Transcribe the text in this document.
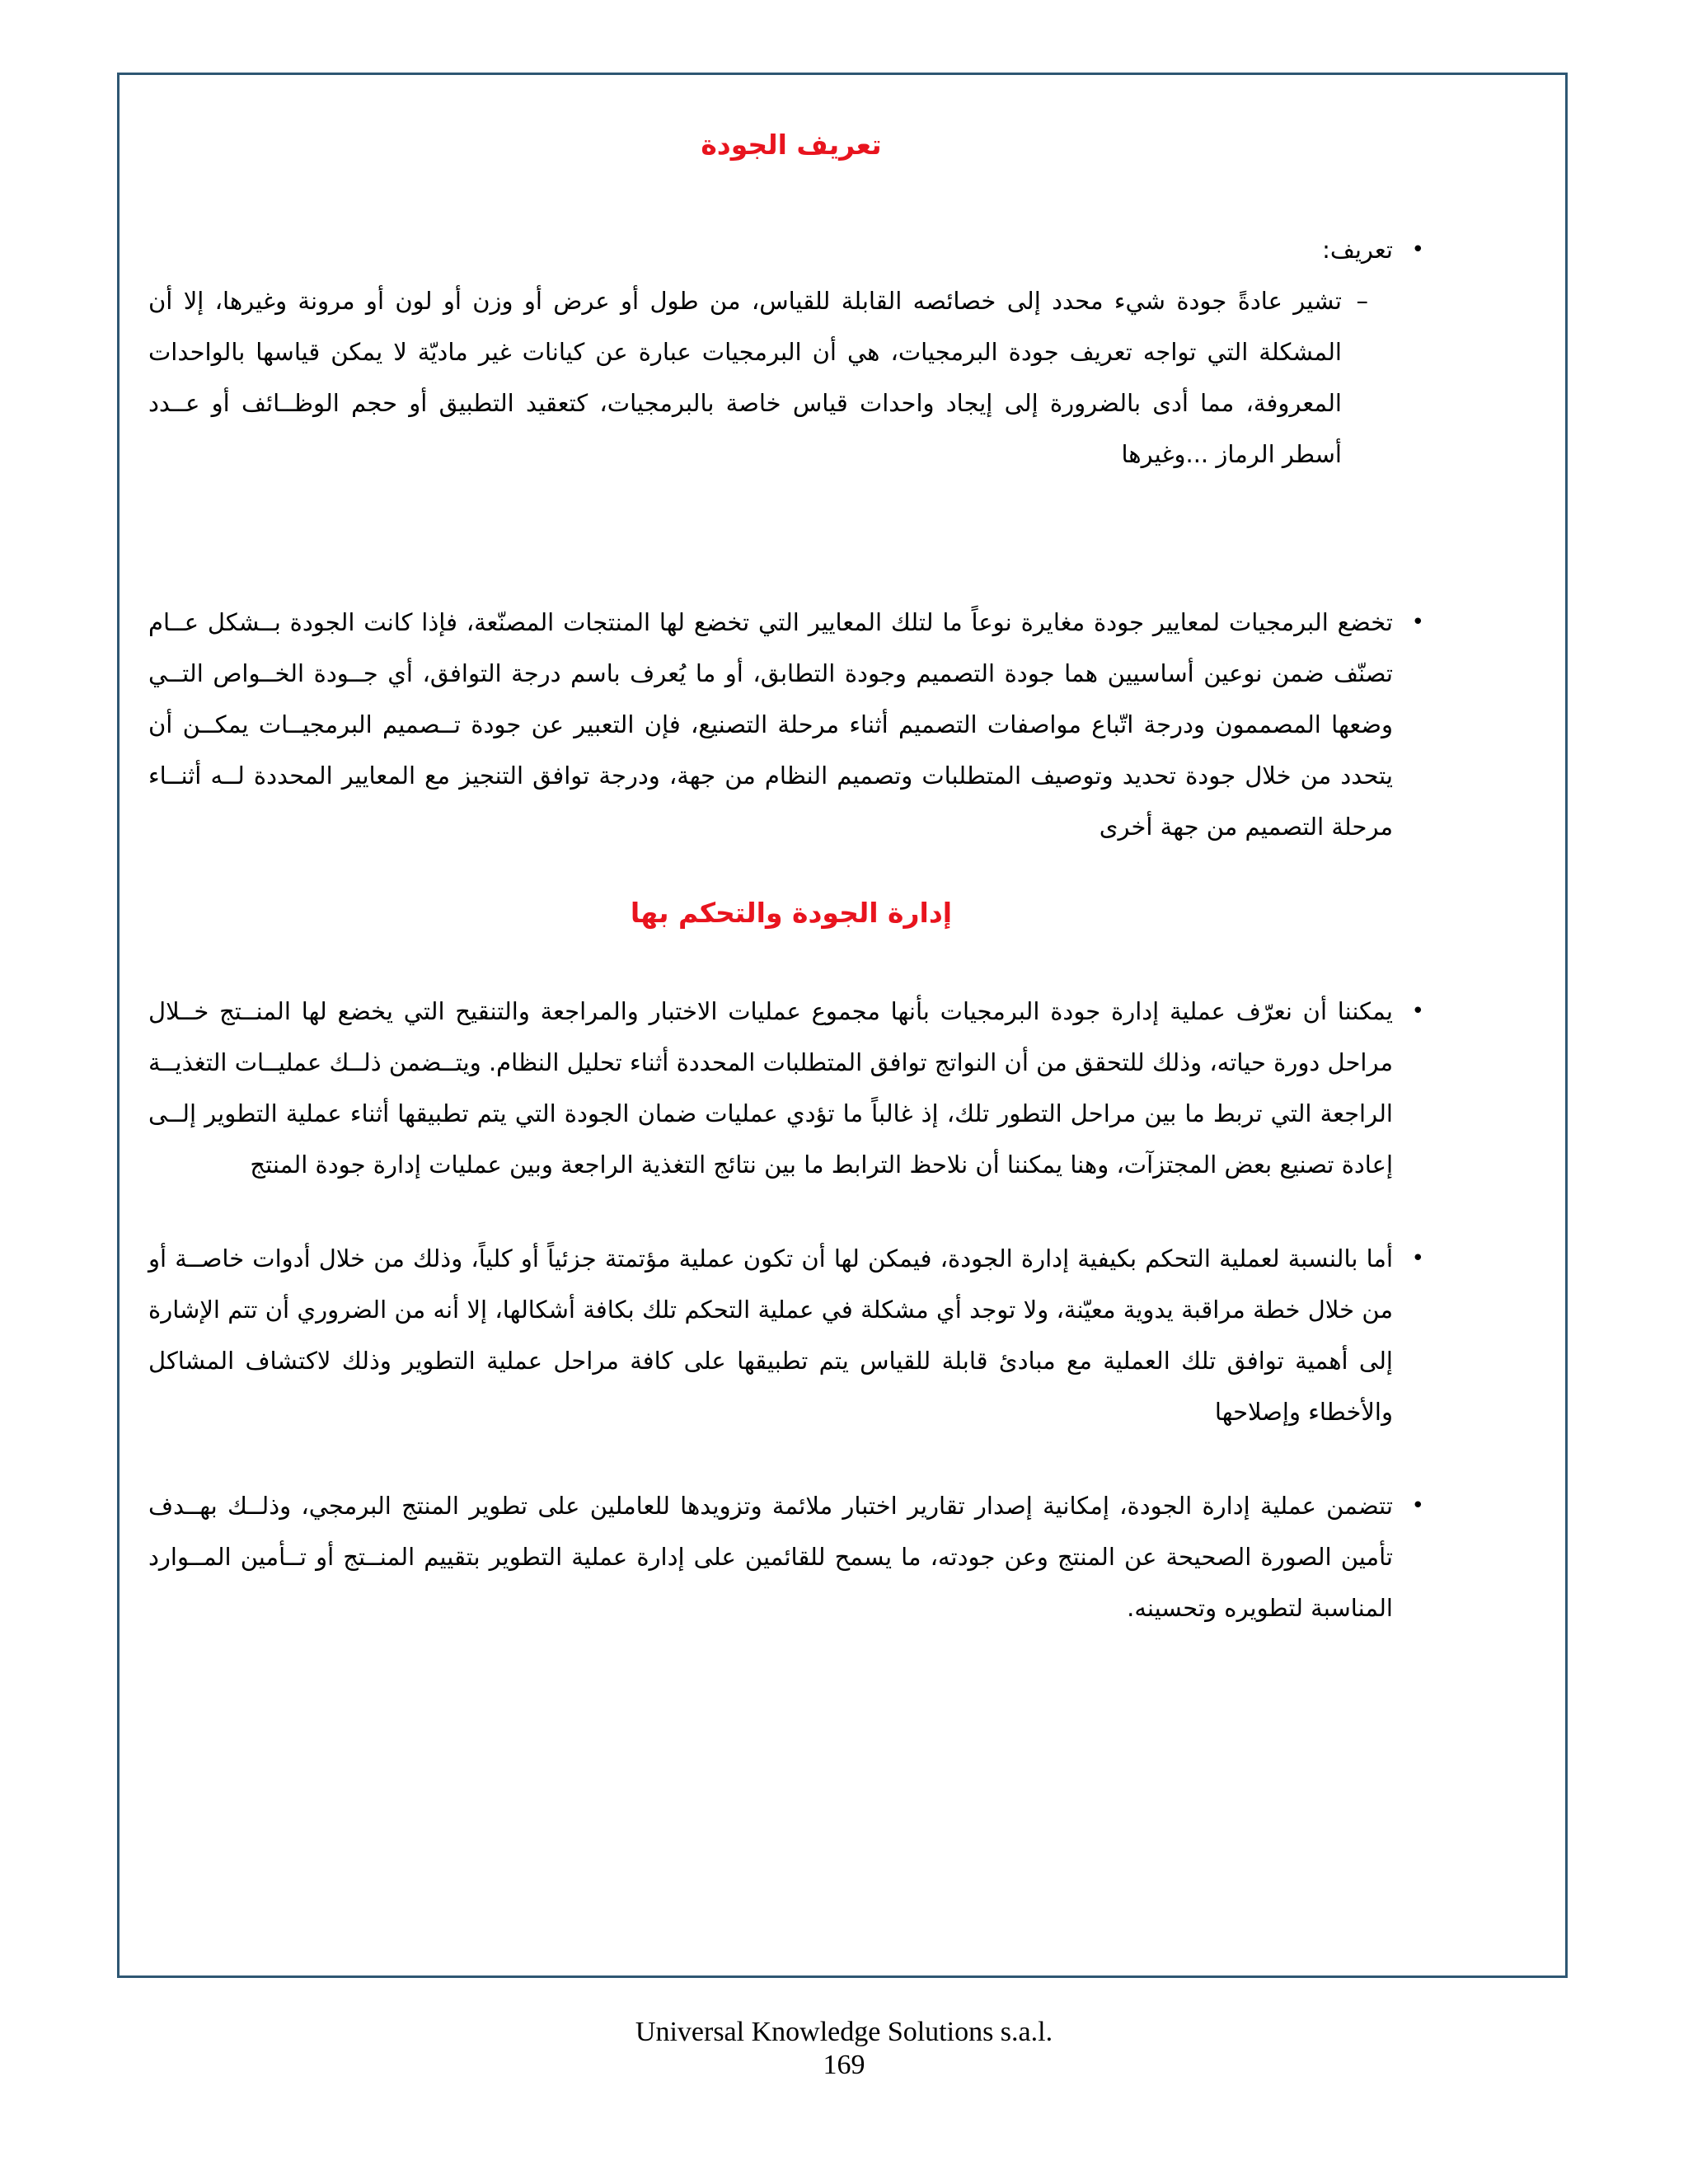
تعريف الجودة

•
تعريف:

–
تشير عادةً جودة شيء محدد إلى خصائصه القابلة للقياس، من طول أو عرض أو وزن أو لون أو مرونة وغيرها، إلا أن المشكلة التي تواجه تعريف جودة البرمجيات، هي أن البرمجيات عبارة عن كيانات غير ماديّة لا يمكن قياسها بالواحدات المعروفة، مما أدى بالضرورة إلى إيجاد واحدات قياس خاصة بالبرمجيات، كتعقيد التطبيق أو حجم الوظــائف أو عــدد أسطر الرماز ...وغيرها

•
تخضع البرمجيات لمعايير جودة مغايرة نوعاً ما لتلك المعايير التي تخضع لها المنتجات المصنّعة، فإذا كانت الجودة بــشكل عــام تصنّف ضمن نوعين أساسيين هما جودة التصميم وجودة التطابق، أو ما يُعرف باسم درجة التوافق، أي جــودة الخــواص التــي وضعها المصممون ودرجة اتّباع مواصفات التصميم أثناء مرحلة التصنيع، فإن التعبير عن جودة تــصميم البرمجيــات يمكــن أن يتحدد من خلال جودة تحديد وتوصيف المتطلبات وتصميم النظام من جهة، ودرجة توافق التنجيز مع المعايير المحددة لــه أثنــاء مرحلة التصميم من جهة أخرى

إدارة الجودة والتحكم بها

•
يمكننا أن نعرّف عملية إدارة جودة البرمجيات بأنها مجموع عمليات الاختبار والمراجعة والتنقيح التي يخضع لها المنــتج خــلال مراحل دورة حياته، وذلك للتحقق من أن النواتج توافق المتطلبات المحددة أثناء تحليل النظام. ويتــضمن ذلــك عمليــات التغذيــة الراجعة التي تربط ما بين مراحل التطور تلك، إذ غالباً ما تؤدي عمليات ضمان الجودة التي يتم تطبيقها أثناء عملية التطوير إلــى إعادة تصنيع بعض المجتزآت، وهنا يمكننا أن نلاحظ الترابط ما بين نتائج التغذية الراجعة وبين عمليات إدارة جودة المنتج

•
أما بالنسبة لعملية التحكم بكيفية إدارة الجودة، فيمكن لها أن تكون عملية مؤتمتة جزئياً أو كلياً، وذلك من خلال أدوات خاصــة أو من خلال خطة مراقبة يدوية معيّنة، ولا توجد أي مشكلة في عملية التحكم تلك بكافة أشكالها، إلا أنه من الضروري أن تتم الإشارة إلى أهمية توافق تلك العملية مع مبادئ قابلة للقياس يتم تطبيقها على كافة مراحل عملية التطوير وذلك لاكتشاف المشاكل والأخطاء وإصلاحها

•
تتضمن عملية إدارة الجودة، إمكانية إصدار تقارير اختبار ملائمة وتزويدها للعاملين على تطوير المنتج البرمجي، وذلــك بهــدف تأمين الصورة الصحيحة عن المنتج وعن جودته، ما يسمح للقائمين على إدارة عملية التطوير بتقييم المنــتج أو تــأمين المــوارد المناسبة لتطويره وتحسينه.

Universal Knowledge Solutions s.a.l.
169
